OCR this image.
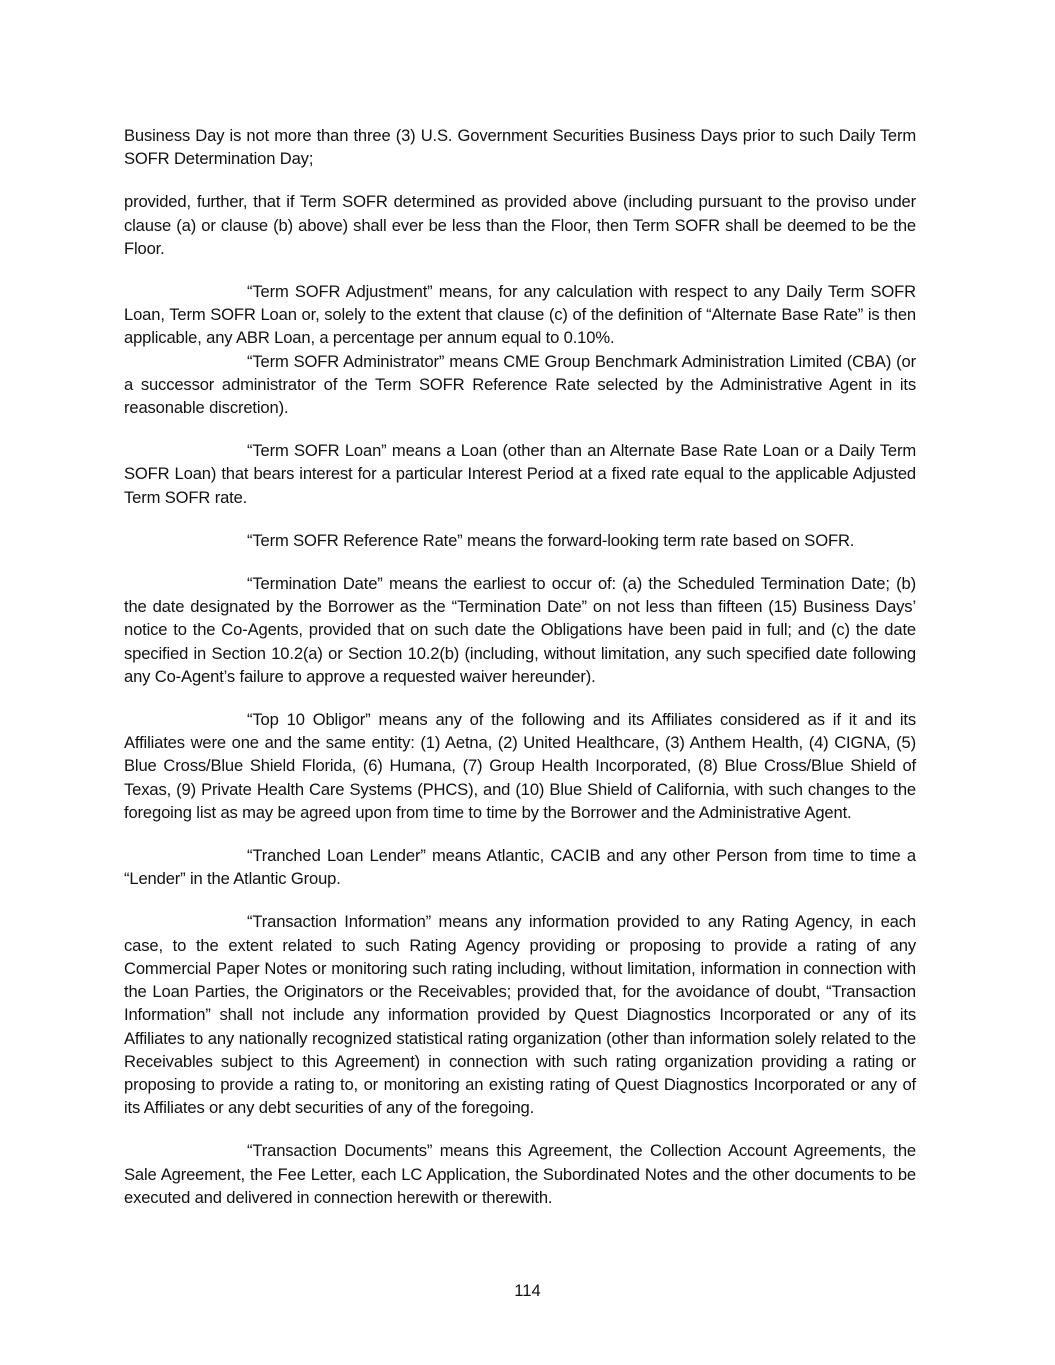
Business Day is not more than three (3) U.S. Government Securities Business Days prior to such Daily Term SOFR Determination Day;

provided, further, that if Term SOFR determined as provided above (including pursuant to the proviso under clause (a) or clause (b) above) shall ever be less than the Floor, then Term SOFR shall be deemed to be the Floor.

“Term SOFR Adjustment” means, for any calculation with respect to any Daily Term SOFR Loan, Term SOFR Loan or, solely to the extent that clause (c) of the definition of “Alternate Base Rate” is then applicable, any ABR Loan, a percentage per annum equal to 0.10%.

“Term SOFR Administrator” means CME Group Benchmark Administration Limited (CBA) (or a successor administrator of the Term SOFR Reference Rate selected by the Administrative Agent in its reasonable discretion).

“Term SOFR Loan” means a Loan (other than an Alternate Base Rate Loan or a Daily Term SOFR Loan) that bears interest for a particular Interest Period at a fixed rate equal to the applicable Adjusted Term SOFR rate.

“Term SOFR Reference Rate” means the forward-looking term rate based on SOFR.

“Termination Date” means the earliest to occur of: (a) the Scheduled Termination Date; (b) the date designated by the Borrower as the “Termination Date” on not less than fifteen (15) Business Days’ notice to the Co-Agents, provided that on such date the Obligations have been paid in full; and (c) the date specified in Section 10.2(a) or Section 10.2(b) (including, without limitation, any such specified date following any Co-Agent’s failure to approve a requested waiver hereunder).

“Top 10 Obligor” means any of the following and its Affiliates considered as if it and its Affiliates were one and the same entity: (1) Aetna, (2) United Healthcare, (3) Anthem Health, (4) CIGNA, (5) Blue Cross/Blue Shield Florida, (6) Humana, (7) Group Health Incorporated, (8) Blue Cross/Blue Shield of Texas, (9) Private Health Care Systems (PHCS), and (10) Blue Shield of California, with such changes to the foregoing list as may be agreed upon from time to time by the Borrower and the Administrative Agent.

“Tranched Loan Lender” means Atlantic, CACIB and any other Person from time to time a “Lender” in the Atlantic Group.

“Transaction Information” means any information provided to any Rating Agency, in each case, to the extent related to such Rating Agency providing or proposing to provide a rating of any Commercial Paper Notes or monitoring such rating including, without limitation, information in connection with the Loan Parties, the Originators or the Receivables; provided that, for the avoidance of doubt, “Transaction Information” shall not include any information provided by Quest Diagnostics Incorporated or any of its Affiliates to any nationally recognized statistical rating organization (other than information solely related to the Receivables subject to this Agreement) in connection with such rating organization providing a rating or proposing to provide a rating to, or monitoring an existing rating of Quest Diagnostics Incorporated or any of its Affiliates or any debt securities of any of the foregoing.

“Transaction Documents” means this Agreement, the Collection Account Agreements, the Sale Agreement, the Fee Letter, each LC Application, the Subordinated Notes and the other documents to be executed and delivered in connection herewith or therewith.

114
